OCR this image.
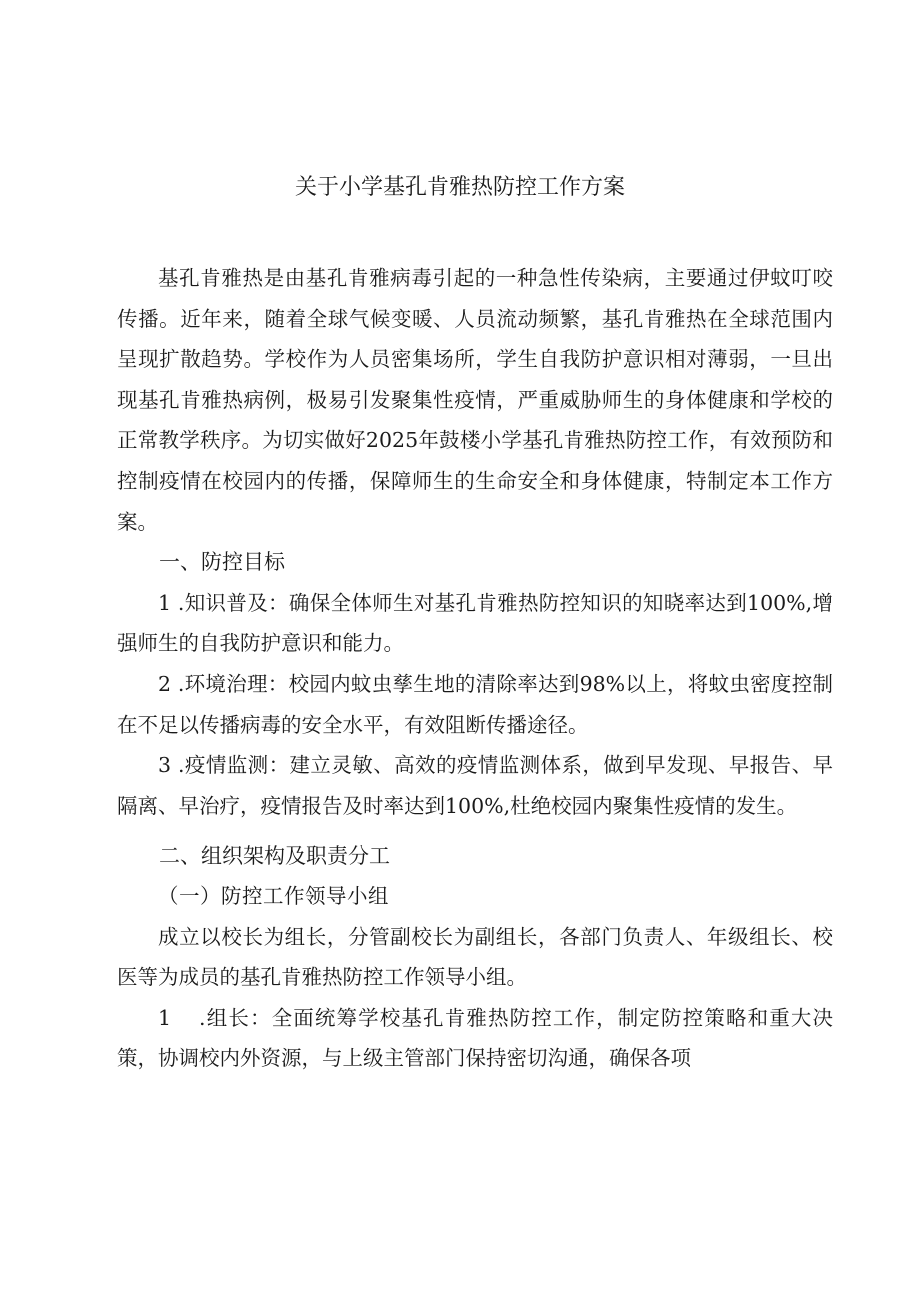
关于小学基孔肯雅热防控工作方案

基孔肯雅热是由基孔肯雅病毒引起的一种急性传染病，主要通过伊蚊叮咬传播。近年来，随着全球气候变暖、人员流动频繁，基孔肯雅热在全球范围内呈现扩散趋势。学校作为人员密集场所，学生自我防护意识相对薄弱，一旦出现基孔肯雅热病例，极易引发聚集性疫情，严重威胁师生的身体健康和学校的正常教学秩序。为切实做好2025年鼓楼小学基孔肯雅热防控工作，有效预防和控制疫情在校园内的传播，保障师生的生命安全和身体健康，特制定本工作方案。

一、防控目标

1 .知识普及：确保全体师生对基孔肯雅热防控知识的知晓率达到100%,增强师生的自我防护意识和能力。

2 .环境治理：校园内蚊虫孳生地的清除率达到98%以上，将蚊虫密度控制在不足以传播病毒的安全水平，有效阻断传播途径。

3 .疫情监测：建立灵敏、高效的疫情监测体系，做到早发现、早报告、早隔离、早治疗，疫情报告及时率达到100%,杜绝校园内聚集性疫情的发生。

二、组织架构及职责分工

（一）防控工作领导小组

成立以校长为组长，分管副校长为副组长，各部门负责人、年级组长、校医等为成员的基孔肯雅热防控工作领导小组。

1 .组长：全面统筹学校基孔肯雅热防控工作，制定防控策略和重大决策，协调校内外资源，与上级主管部门保持密切沟通，确保各项
